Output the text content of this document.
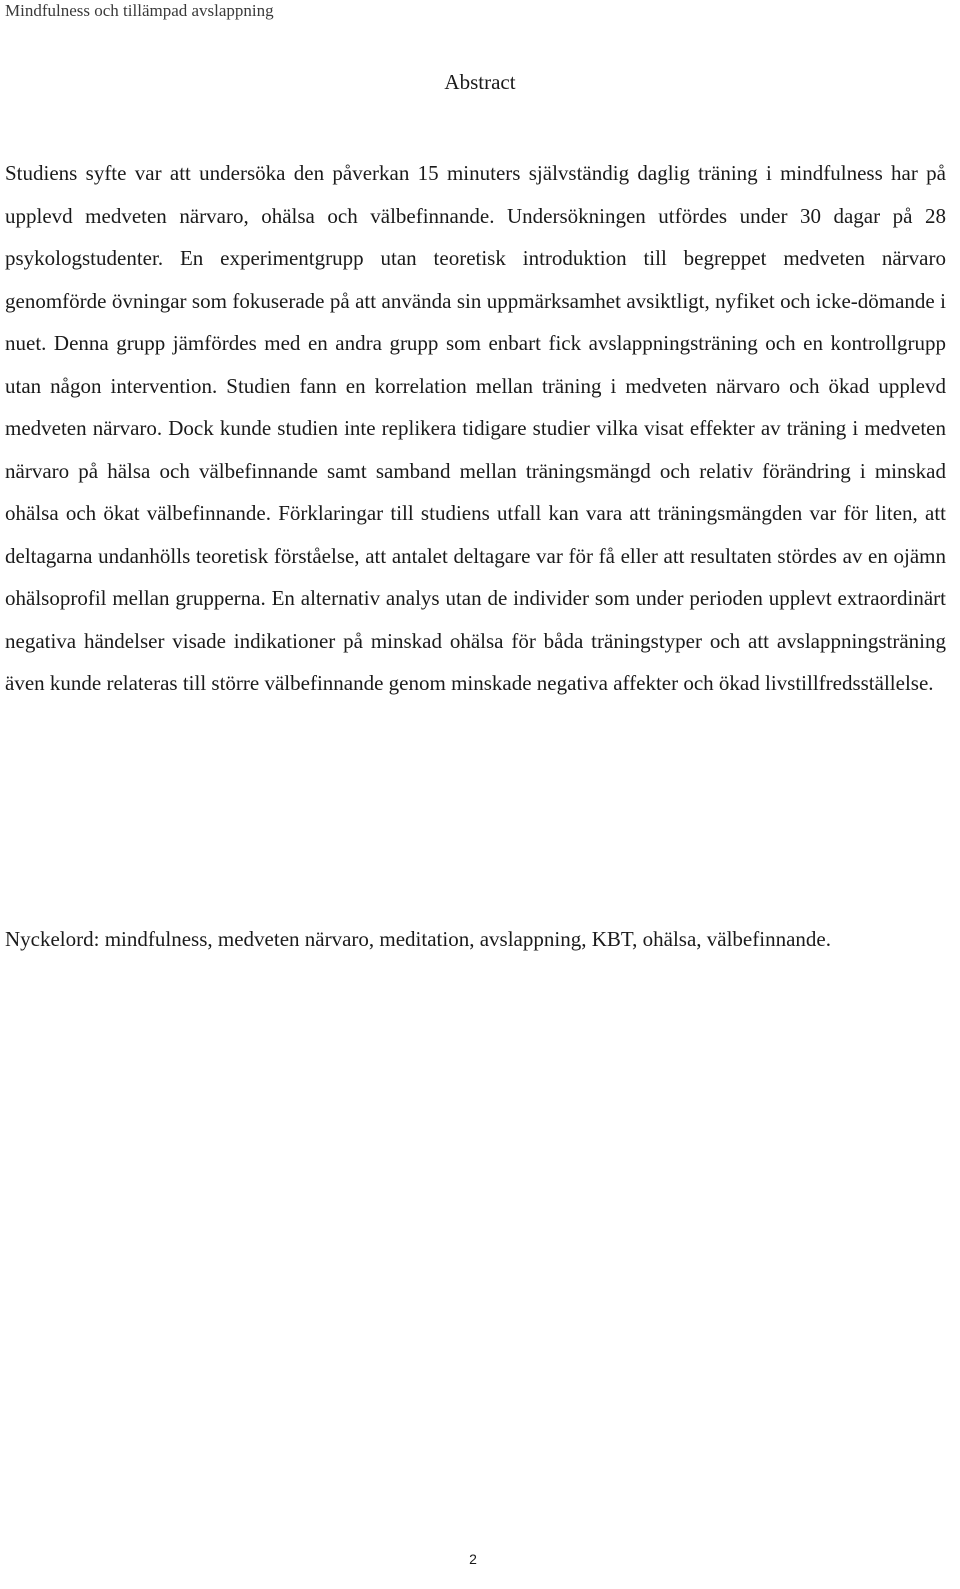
Mindfulness och tillämpad avslappning
Abstract

Studiens syfte var att undersöka den påverkan 15 minuters självständig daglig träning i mindfulness har på upplevd medveten närvaro, ohälsa och välbefinnande. Undersökningen utfördes under 30 dagar på 28 psykologstudenter. En experimentgrupp utan teoretisk introduktion till begreppet medveten närvaro genomförde övningar som fokuserade på att använda sin uppmärksamhet avsiktligt, nyfiket och icke-dömande i nuet. Denna grupp jämfördes med en andra grupp som enbart fick avslappningsträning och en kontrollgrupp utan någon intervention. Studien fann en korrelation mellan träning i medveten närvaro och ökad upplevd medveten närvaro. Dock kunde studien inte replikera tidigare studier vilka visat effekter av träning i medveten närvaro på hälsa och välbefinnande samt samband mellan träningsmängd och relativ förändring i minskad ohälsa och ökat välbefinnande. Förklaringar till studiens utfall kan vara att träningsmängden var för liten, att deltagarna undanhölls teoretisk förståelse, att antalet deltagare var för få eller att resultaten stördes av en ojämn ohälsoprofil mellan grupperna. En alternativ analys utan de individer som under perioden upplevt extraordinärt negativa händelser visade indikationer på minskad ohälsa för båda träningstyper och att avslappningsträning även kunde relateras till större välbefinnande genom minskade negativa affekter och ökad livstillfredsställelse.

Nyckelord: mindfulness, medveten närvaro, meditation, avslappning, KBT, ohälsa, välbefinnande.

2
